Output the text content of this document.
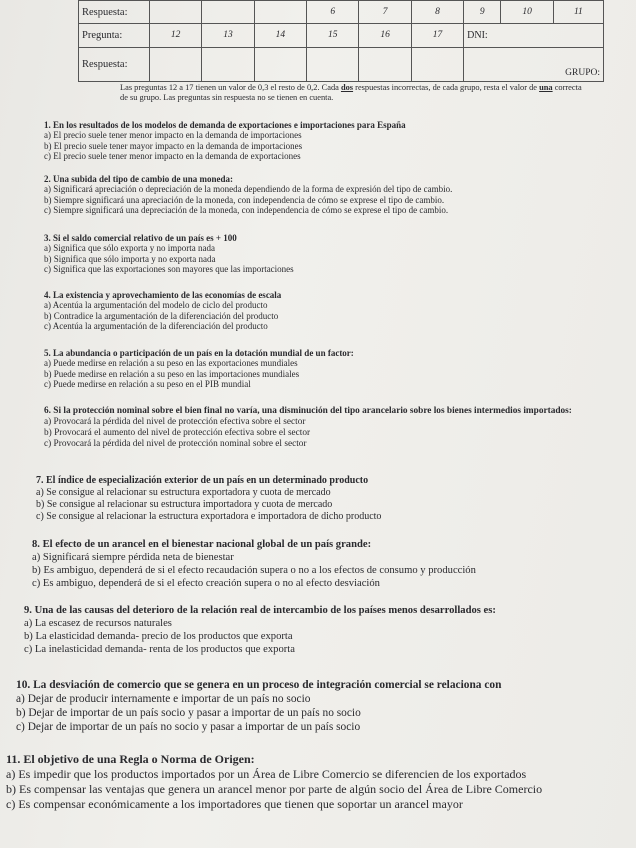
Respuesta:				6	7	8	9	10	11
Pregunta:	12	13	14	15	16	17	DNI:		
Respuesta:							GRUPO:		
Las preguntas 12 a 17 tienen un valor de 0,3 el resto de 0,2. Cada dos respuestas incorrectas, de cada grupo, resta el valor de una correcta de su grupo. Las preguntas sin respuesta no se tienen en cuenta.
1. En los resultados de los modelos de demanda de exportaciones e importaciones para España
a) El precio suele tener menor impacto en la demanda de importaciones
b) El precio suele tener mayor impacto en la demanda de importaciones
c) El precio suele tener menor impacto en la demanda de exportaciones
2. Una subida del tipo de cambio de una moneda:
a) Significará apreciación o depreciación de la moneda dependiendo de la forma de expresión del tipo de cambio.
b) Siempre significará una apreciación de la moneda, con independencia de cómo se exprese el tipo de cambio.
c) Siempre significará una depreciación de la moneda, con independencia de cómo se exprese el tipo de cambio.
3. Si el saldo comercial relativo de un país es + 100
a) Significa que sólo exporta y no importa nada
b) Significa que sólo importa y no exporta nada
c) Significa que las exportaciones son mayores que las importaciones
4. La existencia y aprovechamiento de las economías de escala
a) Acentúa la argumentación del modelo de ciclo del producto
b) Contradice la argumentación de la diferenciación del producto
c) Acentúa la argumentación de la diferenciación del producto
5. La abundancia o participación de un país en la dotación mundial de un factor:
a) Puede medirse en relación a su peso en las exportaciones mundiales
b) Puede medirse en relación a su peso en las importaciones mundiales
c) Puede medirse en relación a su peso en el PIB mundial
6. Si la protección nominal sobre el bien final no varía, una disminución del tipo arancelario sobre los bienes intermedios importados:
a) Provocará la pérdida del nivel de protección efectiva sobre el sector
b) Provocará el aumento del nivel de protección efectiva sobre el sector
c) Provocará la pérdida del nivel de protección nominal sobre el sector
7. El índice de especialización exterior de un país en un determinado producto
a) Se consigue al relacionar su estructura exportadora y cuota de mercado
b) Se consigue al relacionar su estructura importadora y cuota de mercado
c) Se consigue al relacionar la estructura exportadora e importadora de dicho producto
8. El efecto de un arancel en el bienestar nacional global de un país grande:
a) Significará siempre pérdida neta de bienestar
b) Es ambiguo, dependerá de si el efecto recaudación supera o no a los efectos de consumo y producción
c) Es ambiguo, dependerá de si el efecto creación supera o no al efecto desviación
9. Una de las causas del deterioro de la relación real de intercambio de los países menos desarrollados es:
a) La escasez de recursos naturales
b) La elasticidad demanda- precio de los productos que exporta
c) La inelasticidad demanda- renta de los productos que exporta
10. La desviación de comercio que se genera en un proceso de integración comercial se relaciona con
a) Dejar de producir internamente e importar de un país no socio
b) Dejar de importar de un país socio y pasar a importar de un país no socio
c) Dejar de importar de un país no socio y pasar a importar de un país socio
11. El objetivo de una Regla o Norma de Origen:
a) Es impedir que los productos importados por un Área de Libre Comercio se diferencien de los exportados
b) Es compensar las ventajas que genera un arancel menor por parte de algún socio del Área de Libre Comercio
c) Es compensar económicamente a los importadores que tienen que soportar un arancel mayor
